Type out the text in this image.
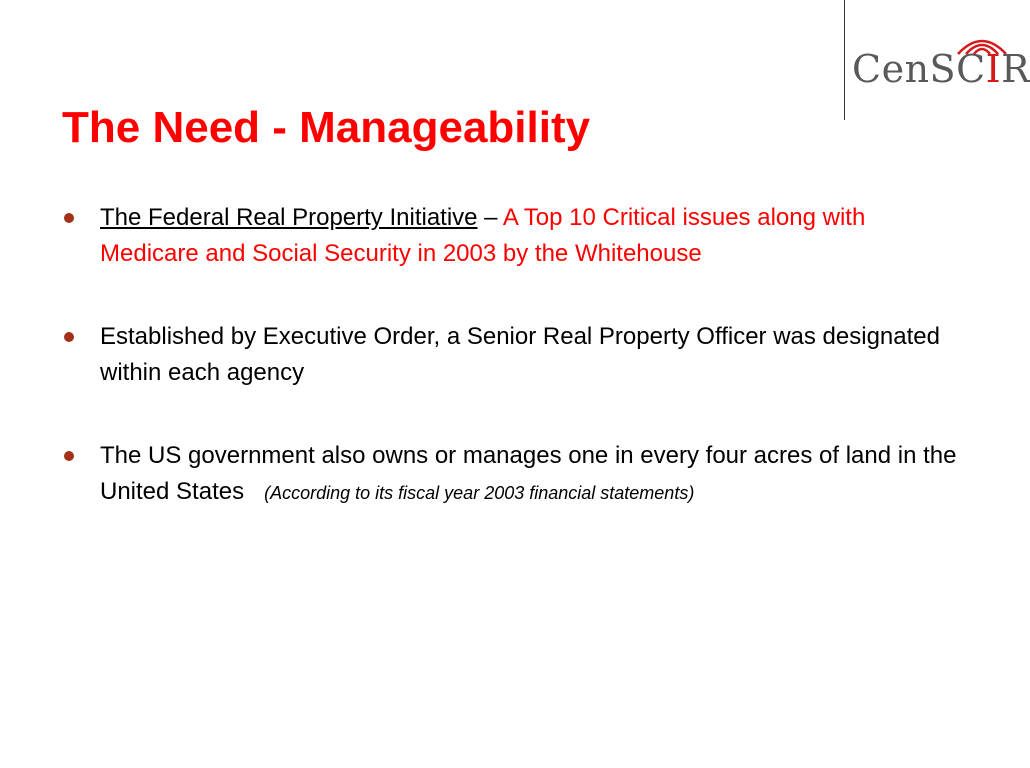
CenSCIR
The Need - Manageability
The Federal Real Property Initiative – A Top 10 Critical issues along with Medicare and Social Security in 2003 by the Whitehouse
Established by Executive Order, a Senior Real Property Officer was designated within each agency
The US government also owns or manages one in every four acres of land in the United States (According to its fiscal year 2003 financial statements)
